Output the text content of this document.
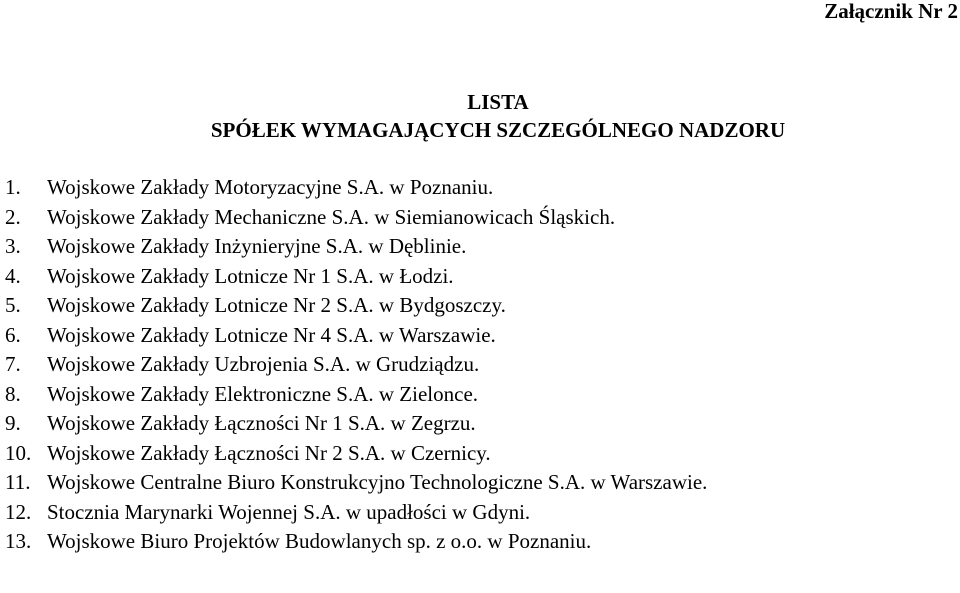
Załącznik Nr 2
LISTA
SPÓŁEK WYMAGAJĄCYCH SZCZEGÓLNEGO NADZORU
1. Wojskowe Zakłady Motoryzacyjne S.A. w Poznaniu.
2. Wojskowe Zakłady Mechaniczne S.A. w Siemianowicach Śląskich.
3. Wojskowe Zakłady Inżynieryjne S.A. w Dęblinie.
4. Wojskowe Zakłady Lotnicze Nr 1 S.A. w Łodzi.
5. Wojskowe Zakłady Lotnicze Nr 2 S.A. w Bydgoszczy.
6. Wojskowe Zakłady Lotnicze Nr 4 S.A. w Warszawie.
7. Wojskowe Zakłady Uzbrojenia S.A. w Grudziądzu.
8. Wojskowe Zakłady Elektroniczne S.A. w Zielonce.
9. Wojskowe Zakłady Łączności Nr 1 S.A. w Zegrzu.
10. Wojskowe Zakłady Łączności Nr 2 S.A. w Czernicy.
11. Wojskowe Centralne Biuro Konstrukcyjno Technologiczne S.A. w Warszawie.
12. Stocznia Marynarki Wojennej S.A. w upadłości w Gdyni.
13. Wojskowe Biuro Projektów Budowlanych sp. z o.o. w Poznaniu.
